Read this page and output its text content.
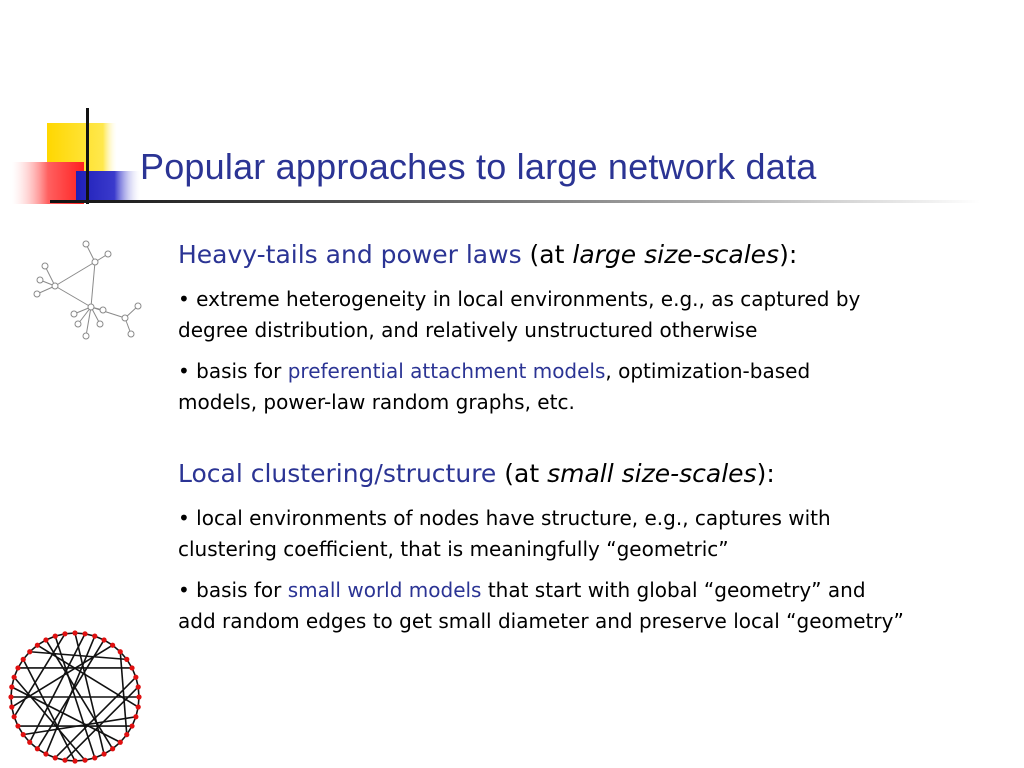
Popular approaches to large network data
Heavy-tails and power laws (at large size-scales):
• extreme heterogeneity in local environments, e.g., as captured by
degree distribution, and relatively unstructured otherwise
• basis for preferential attachment models, optimization-based
models, power-law random graphs, etc.
Local clustering/structure (at small size-scales):
• local environments of nodes have structure, e.g., captures with
clustering coefficient, that is meaningfully “geometric”
• basis for small world models that start with global “geometry” and
add random edges to get small diameter and preserve local “geometry”
